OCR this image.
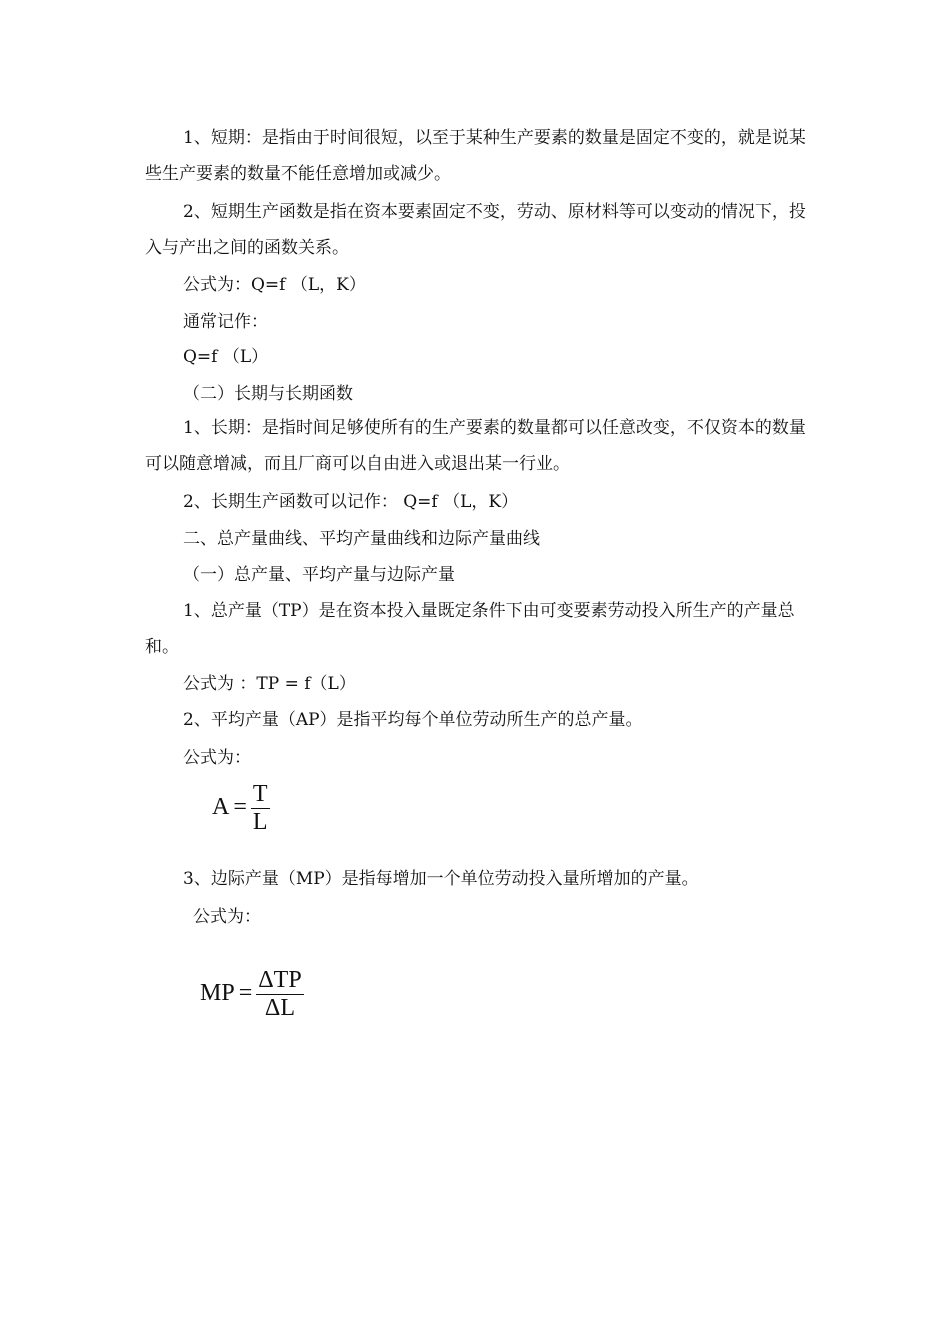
1、短期：是指由于时间很短，以至于某种生产要素的数量是固定不变的，就是说某些生产要素的数量不能任意增加或减少。

2、短期生产函数是指在资本要素固定不变，劳动、原材料等可以变动的情况下，投入与产出之间的函数关系。

公式为：Q=f （L，K）
通常记作：
Q=f （L）
（二）长期与长期函数

1、长期：是指时间足够使所有的生产要素的数量都可以任意改变，不仅资本的数量可以随意增减，而且厂商可以自由进入或退出某一行业。

2、长期生产函数可以记作： Q=f （L，K）
二、总产量曲线、平均产量曲线和边际产量曲线
（一）总产量、平均产量与边际产量

1、总产量（TP）是在资本投入量既定条件下由可变要素劳动投入所生产的产量总和。

公式为 ：TP = f（L）
2、平均产量（AP）是指平均每个单位劳动所生产的总产量。
公式为：
$A = \frac{T}{L}$
3、边际产量（MP）是指每增加一个单位劳动投入量所增加的产量。
公式为：
MP = $\frac{\text{ΔTP}}{\Delta L}$
